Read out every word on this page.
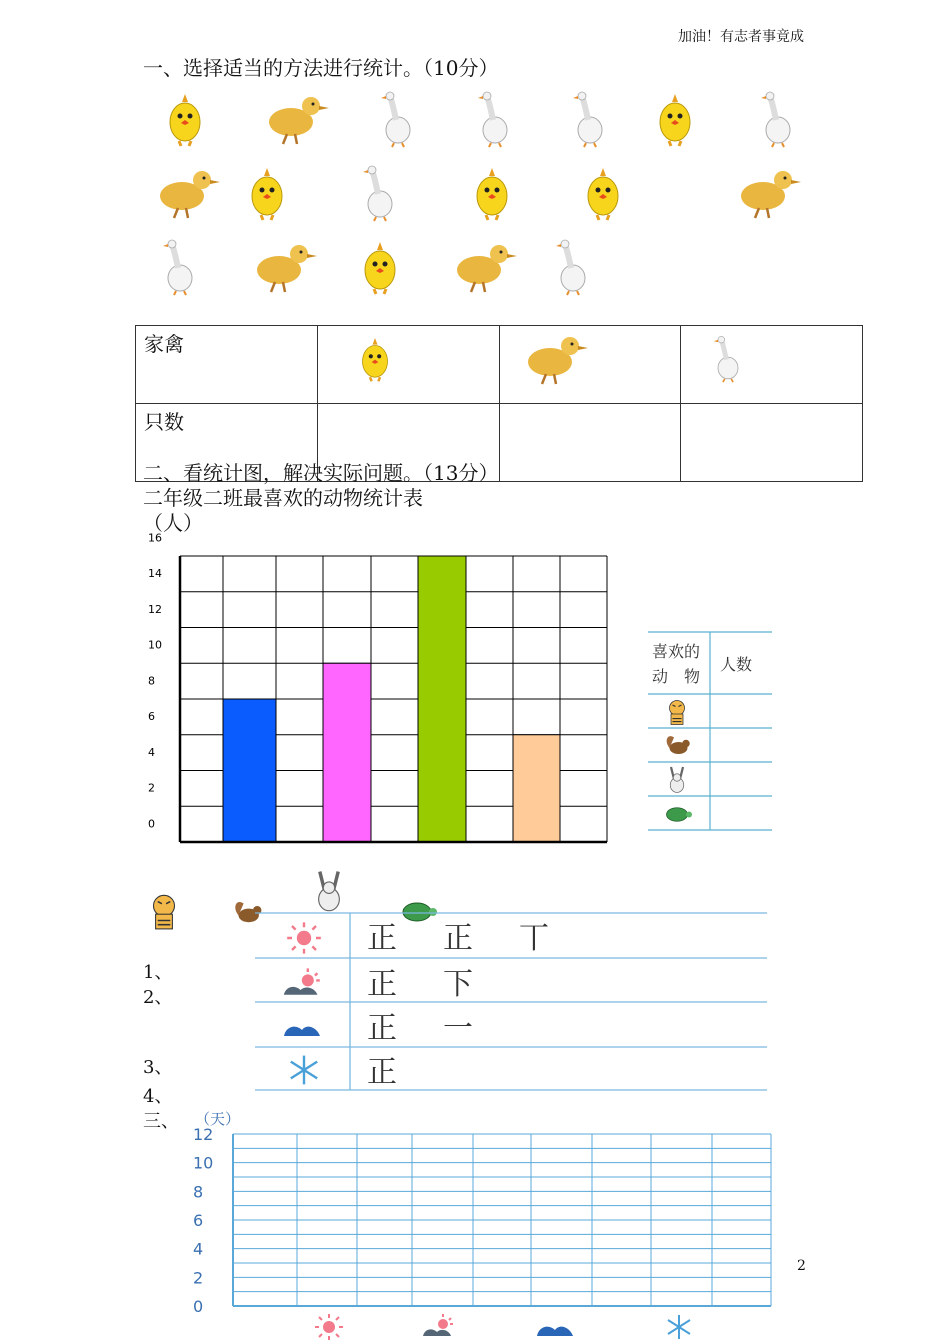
加油！有志者事竟成
一、选择适当的方法进行统计。（10分）
家禽			
只数			
二、看统计图，解决实际问题。（13分）
二年级二班最喜欢的动物统计表
（人）
0
2
4
6
8
10
12
14
16
喜欢的
动　物
人数
正　正　丅
正　下
正　一
正
1、
2、
3、
4、
三、 （天）
12
10
8
6
4
2
0
2
